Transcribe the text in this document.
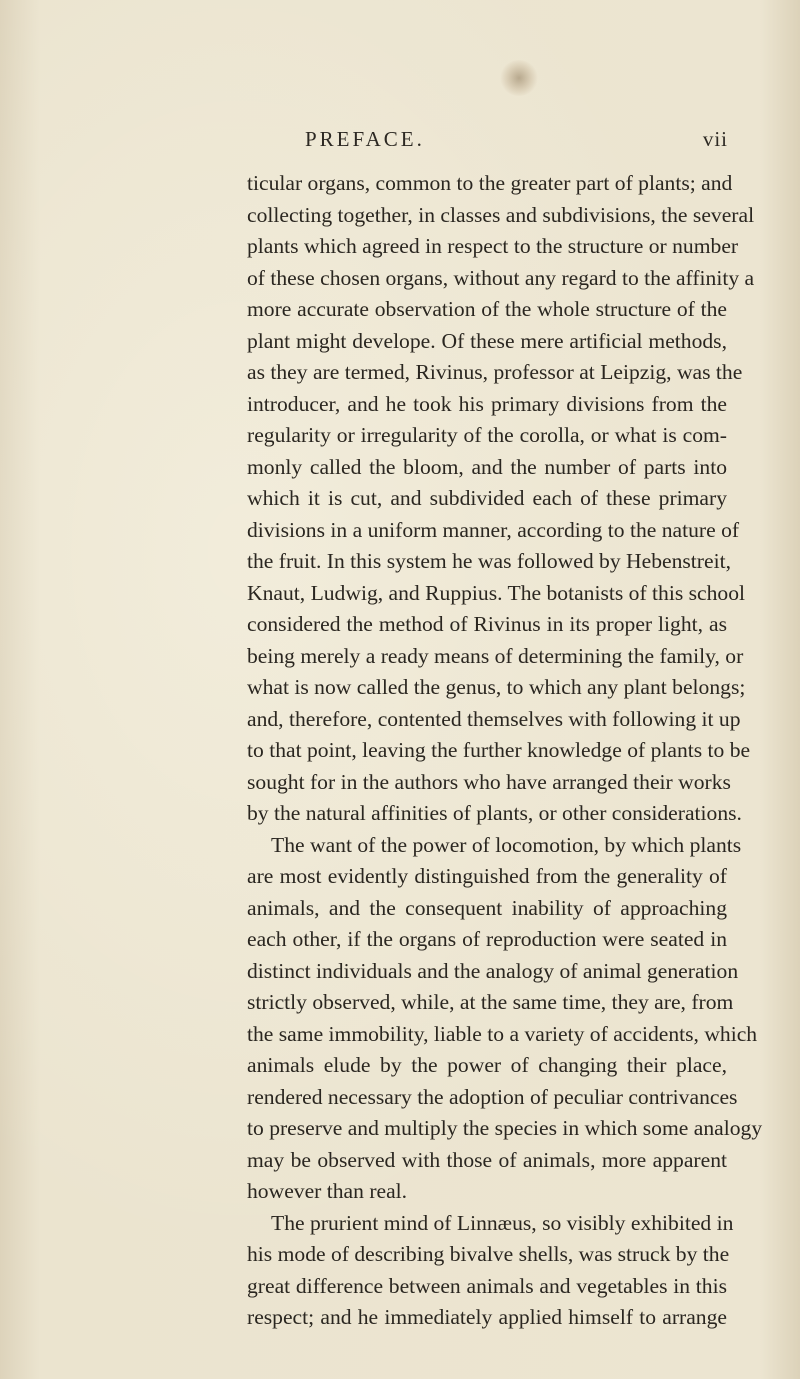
PREFACE.	vii
ticular organs, common to the greater part of plants; and
collecting together, in classes and subdivisions, the several
plants which agreed in respect to the structure or number
of these chosen organs, without any regard to the affinity a
more accurate observation of the whole structure of the
plant might develope. Of these mere artificial methods,
as they are termed, Rivinus, professor at Leipzig, was the
introducer, and he took his primary divisions from the
regularity or irregularity of the corolla, or what is com-
monly called the bloom, and the number of parts into
which it is cut, and subdivided each of these primary
divisions in a uniform manner, according to the nature of
the fruit. In this system he was followed by Hebenstreit,
Knaut, Ludwig, and Ruppius. The botanists of this school
considered the method of Rivinus in its proper light, as
being merely a ready means of determining the family, or
what is now called the genus, to which any plant belongs;
and, therefore, contented themselves with following it up
to that point, leaving the further knowledge of plants to be
sought for in the authors who have arranged their works
by the natural affinities of plants, or other considerations.
The want of the power of locomotion, by which plants
are most evidently distinguished from the generality of
animals, and the consequent inability of approaching
each other, if the organs of reproduction were seated in
distinct individuals and the analogy of animal generation
strictly observed, while, at the same time, they are, from
the same immobility, liable to a variety of accidents, which
animals elude by the power of changing their place,
rendered necessary the adoption of peculiar contrivances
to preserve and multiply the species in which some analogy
may be observed with those of animals, more apparent
however than real.
The prurient mind of Linnæus, so visibly exhibited in
his mode of describing bivalve shells, was struck by the
great difference between animals and vegetables in this
respect; and he immediately applied himself to arrange
